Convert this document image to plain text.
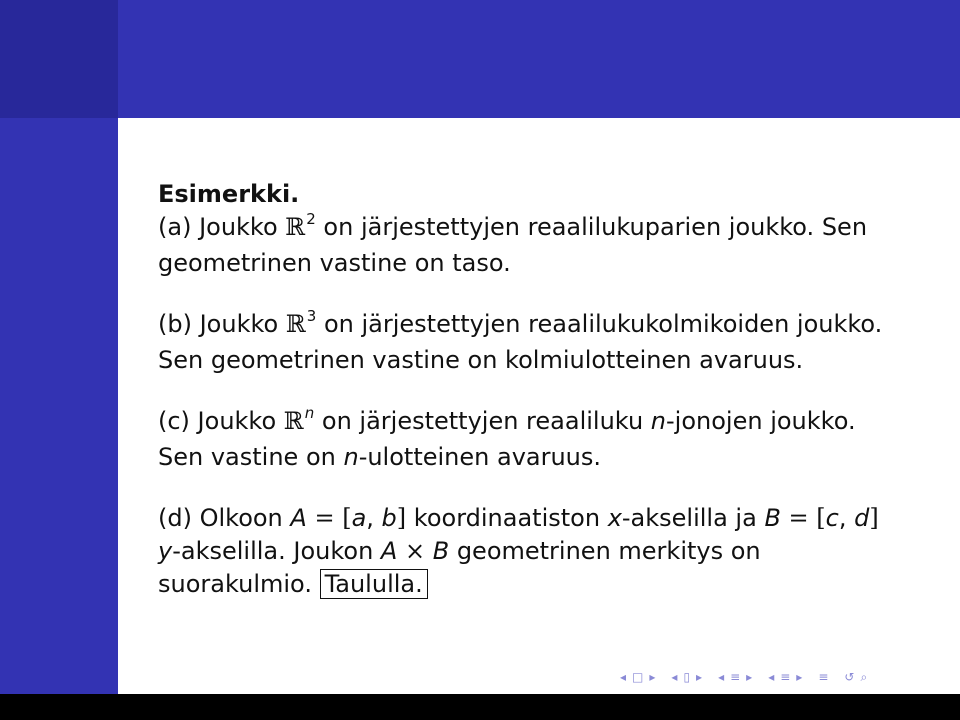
Esimerkki.

(a) Joukko ℝ$^2$ on järjestettyjen reaalilukuparien joukko. Sen
geometrinen vastine on taso.

(b) Joukko ℝ$^3$ on järjestettyjen reaalilukukolmikoiden joukko.
Sen geometrinen vastine on kolmiulotteinen avaruus.

(c) Joukko ℝ$^n$ on järjestettyjen reaaliluku n-jonojen joukko.
Sen vastine on n-ulotteinen avaruus.

(d) Olkoon A = [a, b] koordinaatiston x-akselilla ja B = [c, d]
y-akselilla. Joukon A × B geometrinen merkitys on
suorakulmio. Taululla.

◂ □ ▸ ◂ ▯ ▸ ◂ ≡ ▸ ◂ ≡ ▸ ≡ ↺ ⌕
